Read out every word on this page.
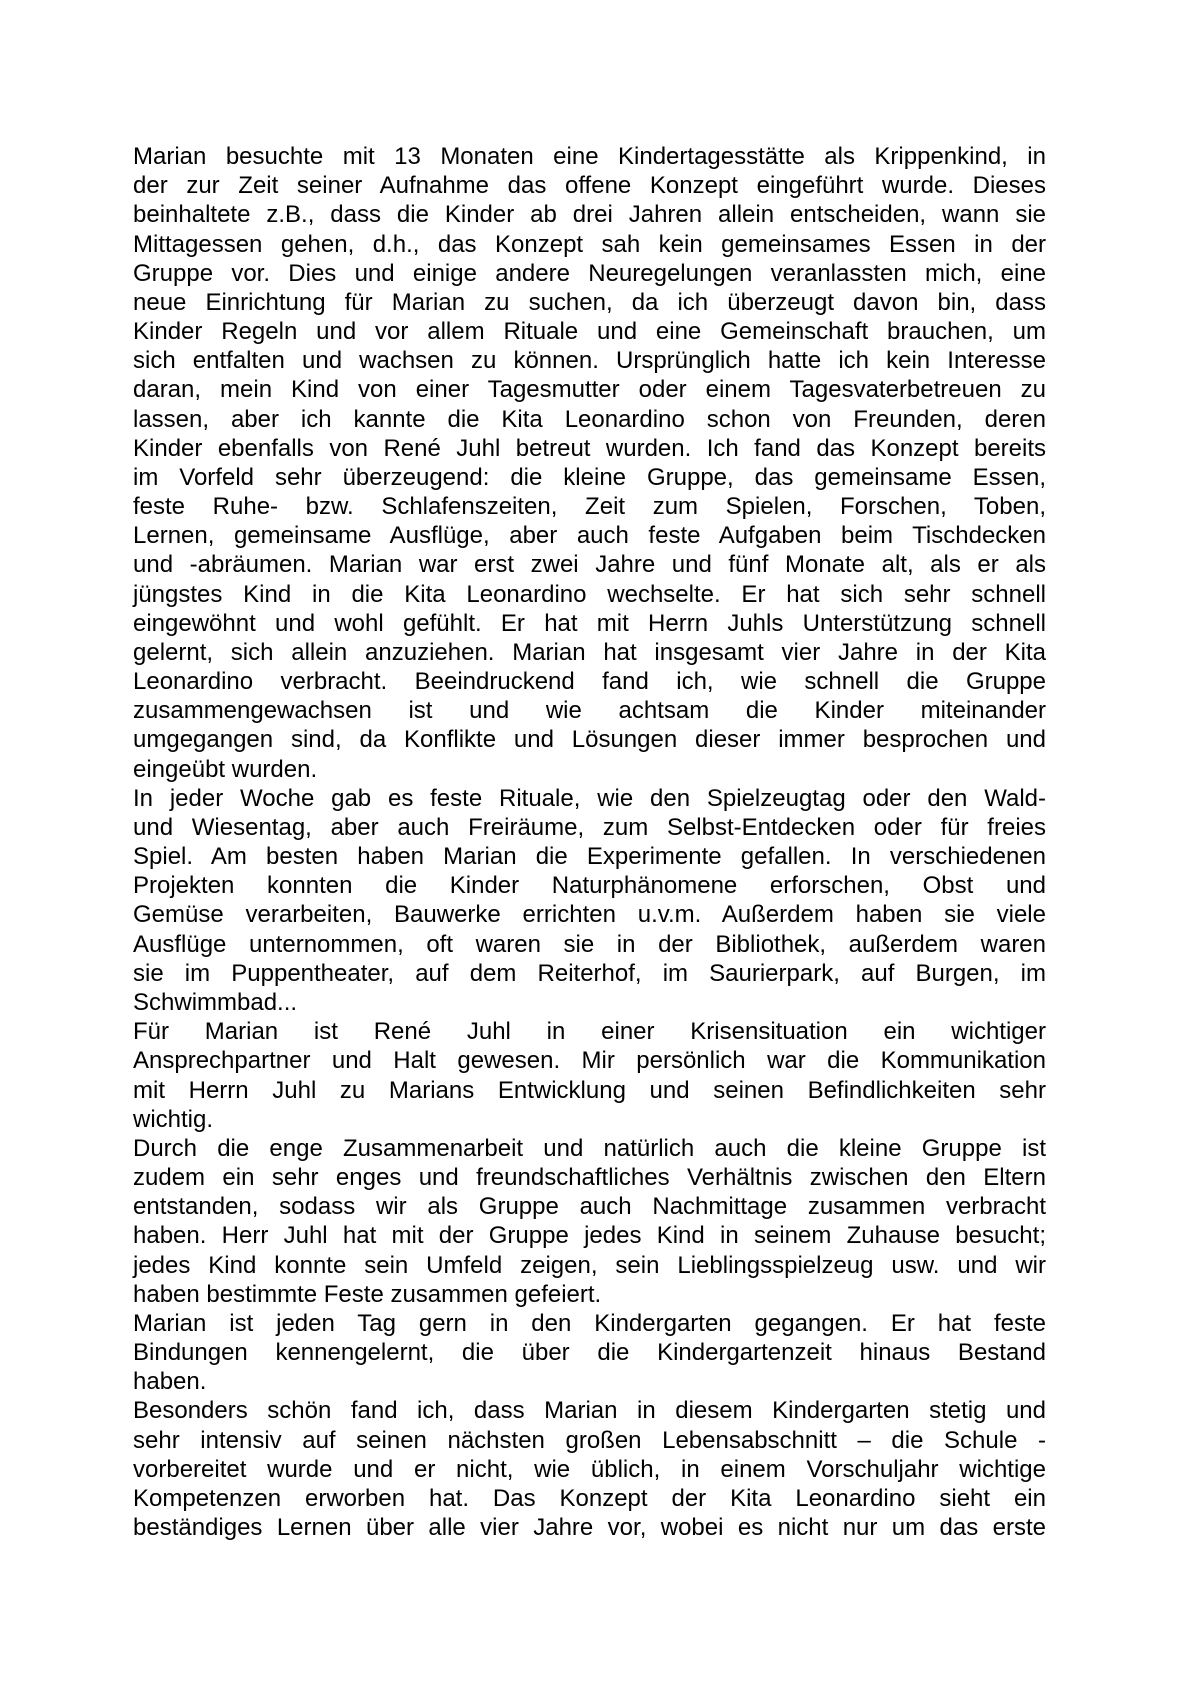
Marian besuchte mit 13 Monaten eine Kindertagesstätte als Krippenkind, in
der zur Zeit seiner Aufnahme das offene Konzept eingeführt wurde. Dieses
beinhaltete z.B., dass die Kinder ab drei Jahren allein entscheiden, wann sie
Mittagessen gehen, d.h., das Konzept sah kein gemeinsames Essen in der
Gruppe vor. Dies und einige andere Neuregelungen veranlassten mich, eine
neue Einrichtung für Marian zu suchen, da ich überzeugt davon bin, dass
Kinder Regeln und vor allem Rituale und eine Gemeinschaft brauchen, um
sich entfalten und wachsen zu können. Ursprünglich hatte ich kein Interesse
daran, mein Kind von einer Tagesmutter oder einem Tagesvaterbetreuen zu
lassen, aber ich kannte die Kita Leonardino schon von Freunden, deren
Kinder ebenfalls von René Juhl betreut wurden. Ich fand das Konzept bereits
im Vorfeld sehr überzeugend: die kleine Gruppe, das gemeinsame Essen,
feste Ruhe- bzw. Schlafenszeiten, Zeit zum Spielen, Forschen, Toben,
Lernen, gemeinsame Ausflüge, aber auch feste Aufgaben beim Tischdecken
und -abräumen. Marian war erst zwei Jahre und fünf Monate alt, als er als
jüngstes Kind in die Kita Leonardino wechselte. Er hat sich sehr schnell
eingewöhnt und wohl gefühlt. Er hat mit Herrn Juhls Unterstützung schnell
gelernt, sich allein anzuziehen. Marian hat insgesamt vier Jahre in der Kita
Leonardino verbracht. Beeindruckend fand ich, wie schnell die Gruppe
zusammengewachsen ist und wie achtsam die Kinder miteinander
umgegangen sind, da Konflikte und Lösungen dieser immer besprochen und
eingeübt wurden.
In jeder Woche gab es feste Rituale, wie den Spielzeugtag oder den Wald-
und Wiesentag, aber auch Freiräume, zum Selbst-Entdecken oder für freies
Spiel. Am besten haben Marian die Experimente gefallen. In verschiedenen
Projekten konnten die Kinder Naturphänomene erforschen, Obst und
Gemüse verarbeiten, Bauwerke errichten u.v.m. Außerdem haben sie viele
Ausflüge unternommen, oft waren sie in der Bibliothek, außerdem waren
sie im Puppentheater, auf dem Reiterhof, im Saurierpark, auf Burgen, im
Schwimmbad...
Für Marian ist René Juhl in einer Krisensituation ein wichtiger
Ansprechpartner und Halt gewesen. Mir persönlich war die Kommunikation
mit Herrn Juhl zu Marians Entwicklung und seinen Befindlichkeiten sehr
wichtig.
Durch die enge Zusammenarbeit und natürlich auch die kleine Gruppe ist
zudem ein sehr enges und freundschaftliches Verhältnis zwischen den Eltern
entstanden, sodass wir als Gruppe auch Nachmittage zusammen verbracht
haben. Herr Juhl hat mit der Gruppe jedes Kind in seinem Zuhause besucht;
jedes Kind konnte sein Umfeld zeigen, sein Lieblingsspielzeug usw. und wir
haben bestimmte Feste zusammen gefeiert.
Marian ist jeden Tag gern in den Kindergarten gegangen. Er hat feste
Bindungen kennengelernt, die über die Kindergartenzeit hinaus Bestand
haben.
Besonders schön fand ich, dass Marian in diesem Kindergarten stetig und
sehr intensiv auf seinen nächsten großen Lebensabschnitt – die Schule -
vorbereitet wurde und er nicht, wie üblich, in einem Vorschuljahr wichtige
Kompetenzen erworben hat. Das Konzept der Kita Leonardino sieht ein
beständiges Lernen über alle vier Jahre vor, wobei es nicht nur um das erste
